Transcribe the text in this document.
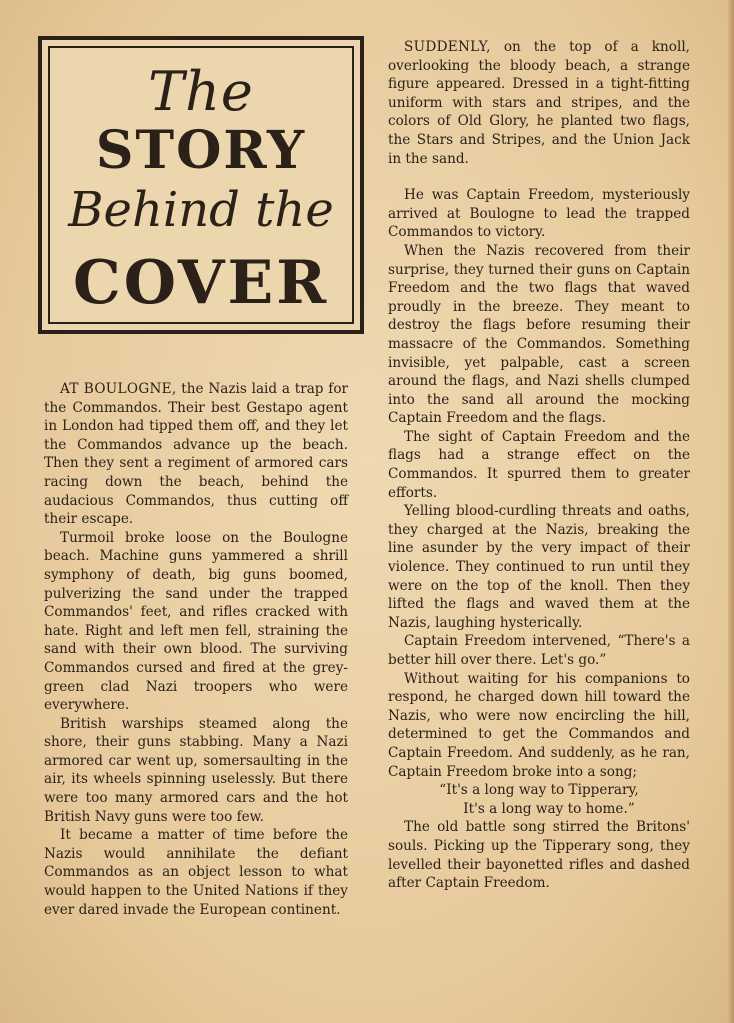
The
STORY
Behind the
COVER

AT BOULOGNE, the Nazis laid a trap for the Commandos. Their best Gestapo agent in London had tipped them off, and they let the Commandos advance up the beach. Then they sent a regiment of armored cars racing down the beach, behind the audacious Commandos, thus cutting off their escape.

Turmoil broke loose on the Boulogne beach. Machine guns yammered a shrill symphony of death, big guns boomed, pulverizing the sand under the trapped Commandos' feet, and rifles cracked with hate. Right and left men fell, straining the sand with their own blood. The surviving Commandos cursed and fired at the grey-green clad Nazi troopers who were everywhere.

British warships steamed along the shore, their guns stabbing. Many a Nazi armored car went up, somersaulting in the air, its wheels spinning uselessly. But there were too many armored cars and the hot British Navy guns were too few.

It became a matter of time before the Nazis would annihilate the defiant Commandos as an object lesson to what would happen to the United Nations if they ever dared invade the European continent.

SUDDENLY, on the top of a knoll, overlooking the bloody beach, a strange figure appeared. Dressed in a tight-fitting uniform with stars and stripes, and the colors of Old Glory, he planted two flags, the Stars and Stripes, and the Union Jack in the sand.

He was Captain Freedom, mysteriously arrived at Boulogne to lead the trapped Commandos to victory.

When the Nazis recovered from their surprise, they turned their guns on Captain Freedom and the two flags that waved proudly in the breeze. They meant to destroy the flags before resuming their massacre of the Commandos. Something invisible, yet palpable, cast a screen around the flags, and Nazi shells clumped into the sand all around the mocking Captain Freedom and the flags.

The sight of Captain Freedom and the flags had a strange effect on the Commandos. It spurred them to greater efforts.

Yelling blood-curdling threats and oaths, they charged at the Nazis, breaking the line asunder by the very impact of their violence. They continued to run until they were on the top of the knoll. Then they lifted the flags and waved them at the Nazis, laughing hysterically.

Captain Freedom intervened, “There's a better hill over there. Let's go.”

Without waiting for his companions to respond, he charged down hill toward the Nazis, who were now encircling the hill, determined to get the Commandos and Captain Freedom. And suddenly, as he ran, Captain Freedom broke into a song;

“It's a long way to Tipperary,
It's a long way to home.”

The old battle song stirred the Britons' souls. Picking up the Tipperary song, they levelled their bayonetted rifles and dashed after Captain Freedom.
